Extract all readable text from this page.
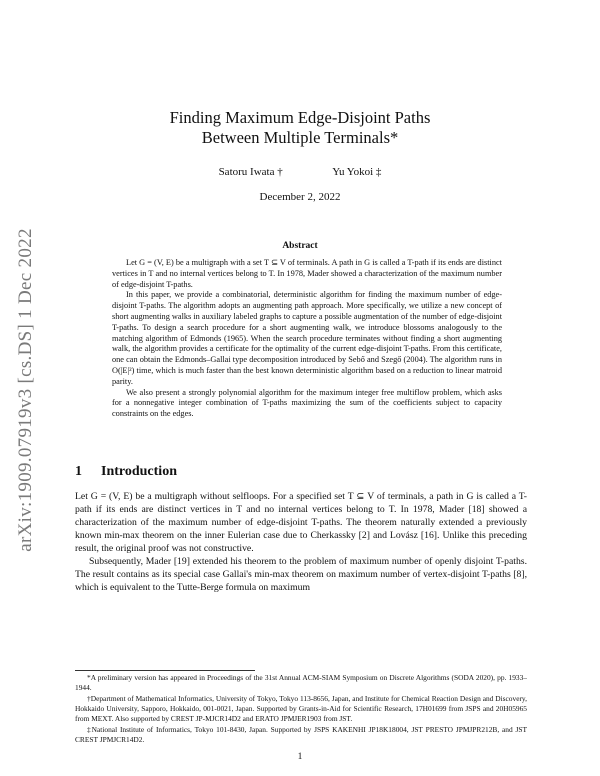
arXiv:1909.07919v3 [cs.DS] 1 Dec 2022
Finding Maximum Edge-Disjoint Paths
Between Multiple Terminals*
Satoru Iwata †	Yu Yokoi ‡
December 2, 2022
Abstract

Let G = (V, E) be a multigraph with a set T ⊆ V of terminals. A path in G is called a T-path if its ends are distinct vertices in T and no internal vertices belong to T. In 1978, Mader showed a characterization of the maximum number of edge-disjoint T-paths.

In this paper, we provide a combinatorial, deterministic algorithm for finding the maximum number of edge-disjoint T-paths. The algorithm adopts an augmenting path approach. More specifically, we utilize a new concept of short augmenting walks in auxiliary labeled graphs to capture a possible augmentation of the number of edge-disjoint T-paths. To design a search procedure for a short augmenting walk, we introduce blossoms analogously to the matching algorithm of Edmonds (1965). When the search procedure terminates without finding a short augmenting walk, the algorithm provides a certificate for the optimality of the current edge-disjoint T-paths. From this certificate, one can obtain the Edmonds–Gallai type decomposition introduced by Sebő and Szegő (2004). The algorithm runs in O(|E|²) time, which is much faster than the best known deterministic algorithm based on a reduction to linear matroid parity.

We also present a strongly polynomial algorithm for the maximum integer free multiflow problem, which asks for a nonnegative integer combination of T-paths maximizing the sum of the coefficients subject to capacity constraints on the edges.

1 Introduction

Let G = (V, E) be a multigraph without selfloops. For a specified set T ⊆ V of terminals, a path in G is called a T-path if its ends are distinct vertices in T and no internal vertices belong to T. In 1978, Mader [18] showed a characterization of the maximum number of edge-disjoint T-paths. The theorem naturally extended a previously known min-max theorem on the inner Eulerian case due to Cherkassky [2] and Lovász [16]. Unlike this preceding result, the original proof was not constructive.

Subsequently, Mader [19] extended his theorem to the problem of maximum number of openly disjoint T-paths. The result contains as its special case Gallai's min-max theorem on maximum number of vertex-disjoint T-paths [8], which is equivalent to the Tutte-Berge formula on maximum

*A preliminary version has appeared in Proceedings of the 31st Annual ACM-SIAM Symposium on Discrete Algorithms (SODA 2020), pp. 1933–1944.

†Department of Mathematical Informatics, University of Tokyo, Tokyo 113-8656, Japan, and Institute for Chemical Reaction Design and Discovery, Hokkaido University, Sapporo, Hokkaido, 001-0021, Japan. Supported by Grants-in-Aid for Scientific Research, 17H01699 from JSPS and 20H05965 from MEXT. Also supported by CREST JP-MJCR14D2 and ERATO JPMJER1903 from JST.

‡National Institute of Informatics, Tokyo 101-8430, Japan. Supported by JSPS KAKENHI JP18K18004, JST PRESTO JPMJPR212B, and JST CREST JPMJCR14D2.

1
